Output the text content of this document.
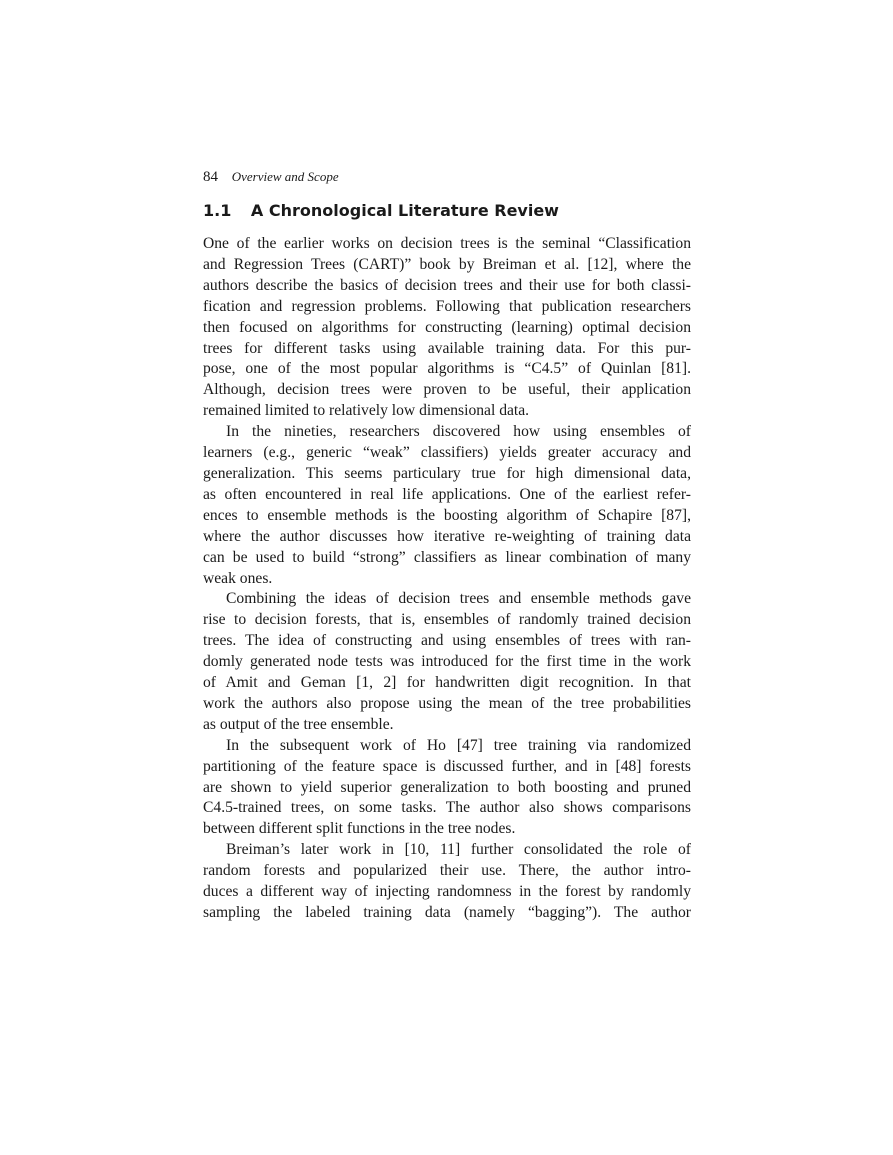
84 Overview and Scope
1.1 A Chronological Literature Review

One of the earlier works on decision trees is the seminal “Classification
and Regression Trees (CART)” book by Breiman et al. [12], where the
authors describe the basics of decision trees and their use for both classi-
fication and regression problems. Following that publication researchers
then focused on algorithms for constructing (learning) optimal decision
trees for different tasks using available training data. For this pur-
pose, one of the most popular algorithms is “C4.5” of Quinlan [81].
Although, decision trees were proven to be useful, their application
remained limited to relatively low dimensional data.

In the nineties, researchers discovered how using ensembles of
learners (e.g., generic “weak” classifiers) yields greater accuracy and
generalization. This seems particulary true for high dimensional data,
as often encountered in real life applications. One of the earliest refer-
ences to ensemble methods is the boosting algorithm of Schapire [87],
where the author discusses how iterative re-weighting of training data
can be used to build “strong” classifiers as linear combination of many
weak ones.

Combining the ideas of decision trees and ensemble methods gave
rise to decision forests, that is, ensembles of randomly trained decision
trees. The idea of constructing and using ensembles of trees with ran-
domly generated node tests was introduced for the first time in the work
of Amit and Geman [1, 2] for handwritten digit recognition. In that
work the authors also propose using the mean of the tree probabilities
as output of the tree ensemble.

In the subsequent work of Ho [47] tree training via randomized
partitioning of the feature space is discussed further, and in [48] forests
are shown to yield superior generalization to both boosting and pruned
C4.5-trained trees, on some tasks. The author also shows comparisons
between different split functions in the tree nodes.

Breiman’s later work in [10, 11] further consolidated the role of
random forests and popularized their use. There, the author intro-
duces a different way of injecting randomness in the forest by randomly
sampling the labeled training data (namely “bagging”). The author
